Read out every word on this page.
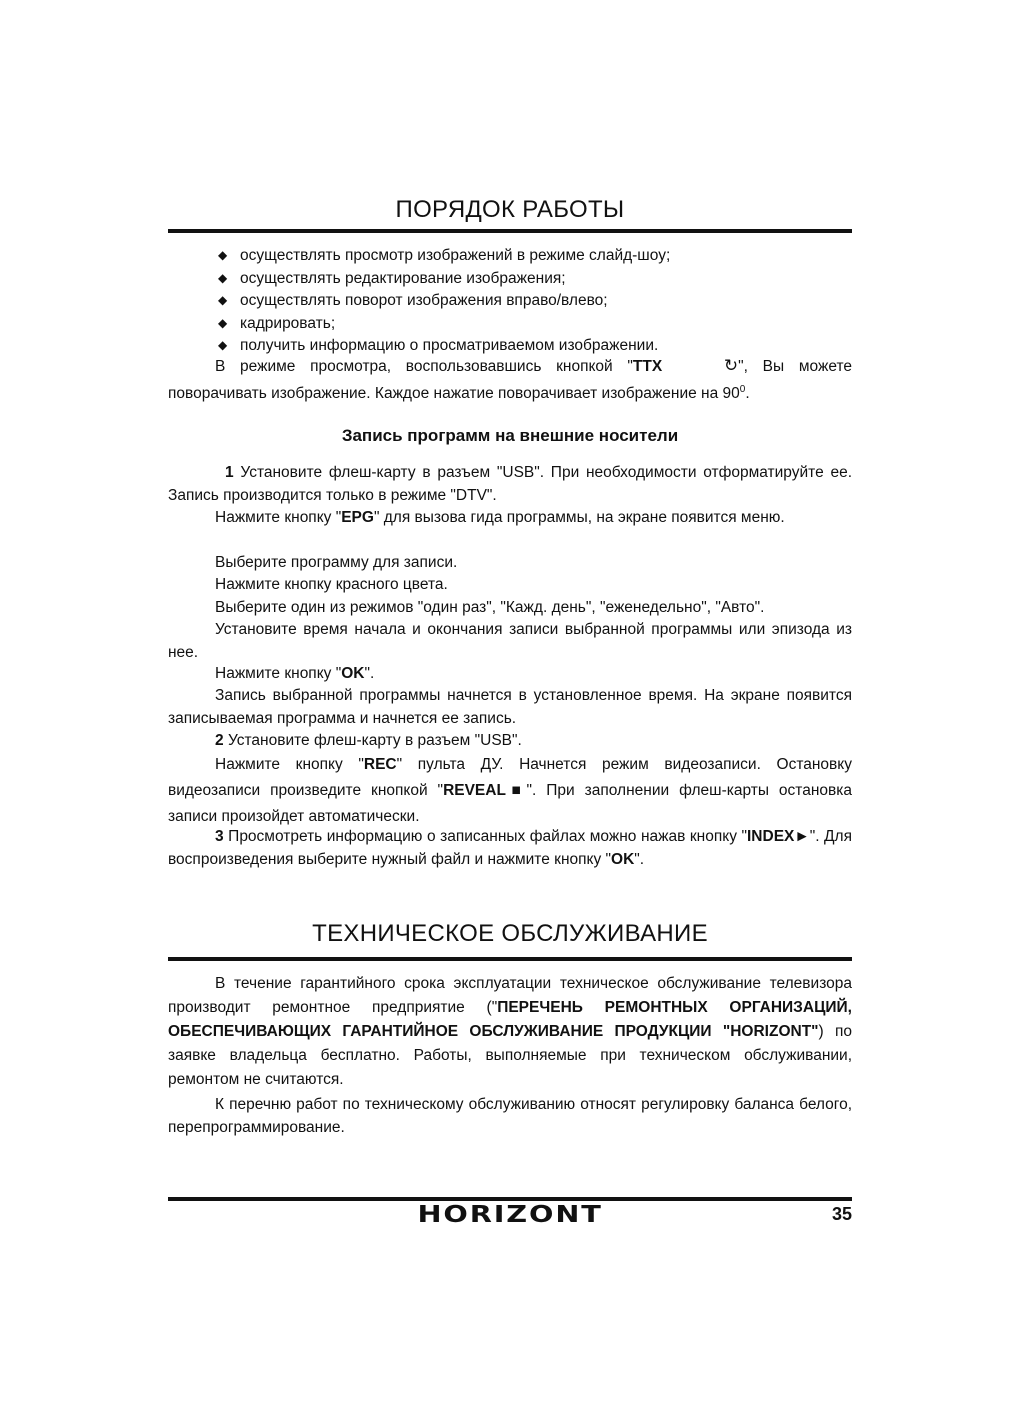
ПОРЯДОК РАБОТЫ
◆ осуществлять просмотр изображений в режиме слайд-шоу;
◆ осуществлять редактирование изображения;
◆ осуществлять поворот изображения вправо/влево;
◆ кадрировать;
◆ получить информацию о просматриваемом изображении.

В режиме просмотра, воспользовавшись кнопкой "TTX	↻", Вы можете поворачивать изображение. Каждое нажатие поворачивает изображение на $90^0$.

Запись программ на внешние носители

1 Установите флеш-карту в разъем "USB". При необходимости отформатируйте ее. Запись производится только в режиме "DTV".

Нажмите кнопку "EPG" для вызова гида программы, на экране появится меню.

Выберите программу для записи.

Нажмите кнопку красного цвета.

Выберите один из режимов "один раз", "Кажд. день", "еженедельно", "Авто".

Установите время начала и окончания записи выбранной программы или эпизода из нее.

Нажмите кнопку "OK".

Запись выбранной программы начнется в установленное время. На экране появится записываемая программа и начнется ее запись.

2 Установите флеш-карту в разъем "USB".

Нажмите кнопку "REC" пульта ДУ. Начнется режим видеозаписи. Остановку видеозаписи произведите кнопкой "REVEAL■". При заполнении флеш-карты остановка записи произойдет автоматически.

3 Просмотреть информацию о записанных файлах можно нажав кнопку "INDEX►". Для воспроизведения выберите нужный файл и нажмите кнопку "OK".

ТЕХНИЧЕСКОЕ ОБСЛУЖИВАНИЕ

В течение гарантийного срока эксплуатации техническое обслуживание телевизора производит ремонтное предприятие ("ПЕРЕЧЕНЬ РЕМОНТНЫХ ОРГАНИЗАЦИЙ, ОБЕСПЕЧИВАЮЩИХ ГАРАНТИЙНОЕ ОБСЛУЖИВАНИЕ ПРОДУКЦИИ "HORIZONT") по заявке владельца бесплатно. Работы, выполняемые при техническом обслуживании, ремонтом не считаются.

К перечню работ по техническому обслуживанию относят регулировку баланса белого, перепрограммирование.

HORIZONT	35
